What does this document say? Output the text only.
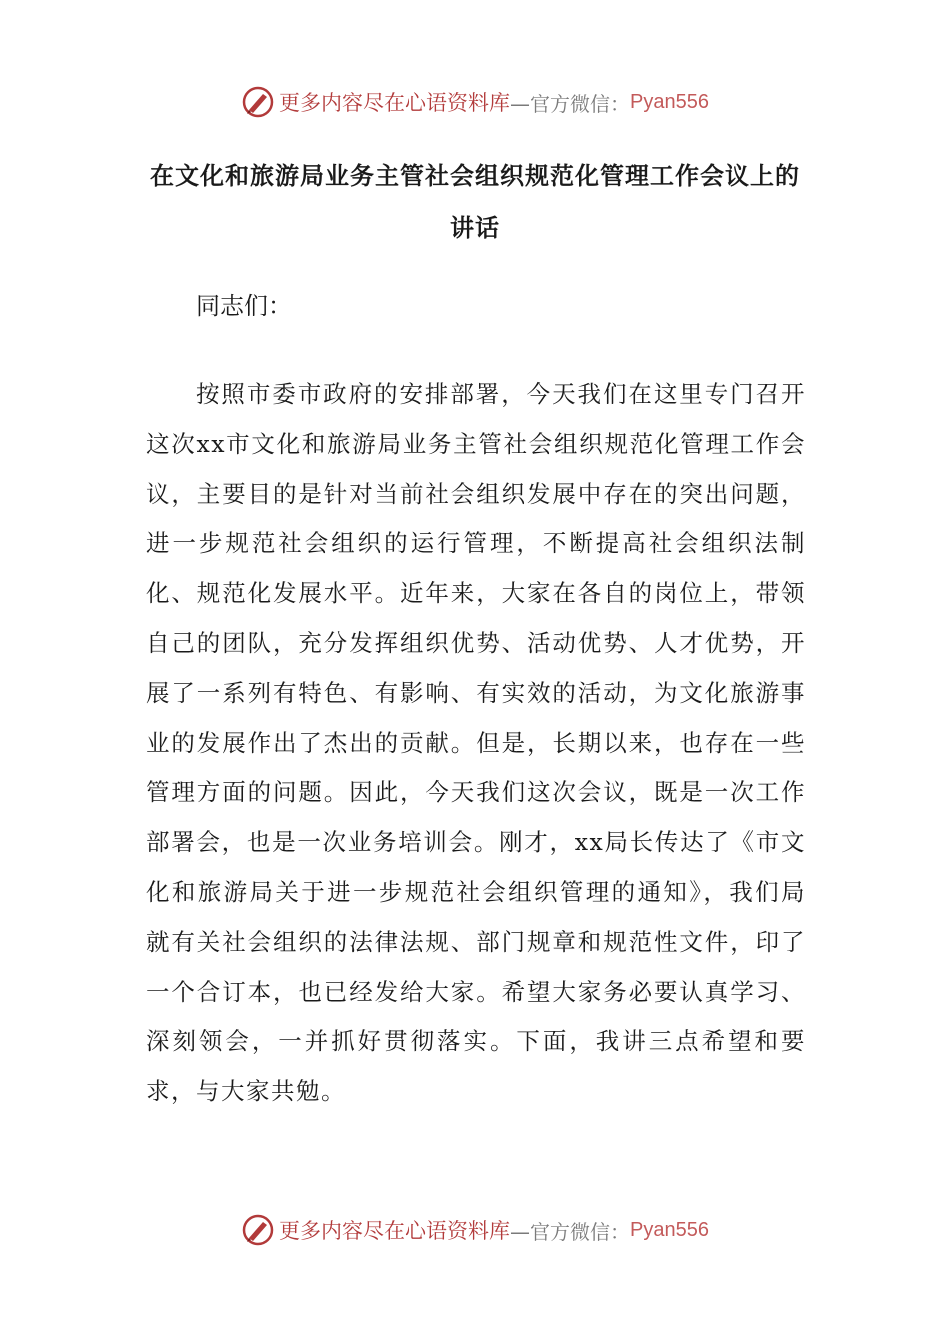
更多内容尽在心语资料库 —官方微信： Pyan556
在文化和旅游局业务主管社会组织规范化管理工作会议上的讲话
同志们：

按照市委市政府的安排部署，今天我们在这里专门召开这次xx市文化和旅游局业务主管社会组织规范化管理工作会议，主要目的是针对当前社会组织发展中存在的突出问题，进一步规范社会组织的运行管理，不断提高社会组织法制化、规范化发展水平。近年来，大家在各自的岗位上，带领自己的团队，充分发挥组织优势、活动优势、人才优势，开展了一系列有特色、有影响、有实效的活动，为文化旅游事业的发展作出了杰出的贡献。但是，长期以来，也存在一些管理方面的问题。因此，今天我们这次会议，既是一次工作部署会，也是一次业务培训会。刚才，xx局长传达了《市文化和旅游局关于进一步规范社会组织管理的通知》，我们局就有关社会组织的法律法规、部门规章和规范性文件，印了一个合订本，也已经发给大家。希望大家务必要认真学习、深刻领会，一并抓好贯彻落实。下面，我讲三点希望和要求，与大家共勉。

更多内容尽在心语资料库 —官方微信： Pyan556
